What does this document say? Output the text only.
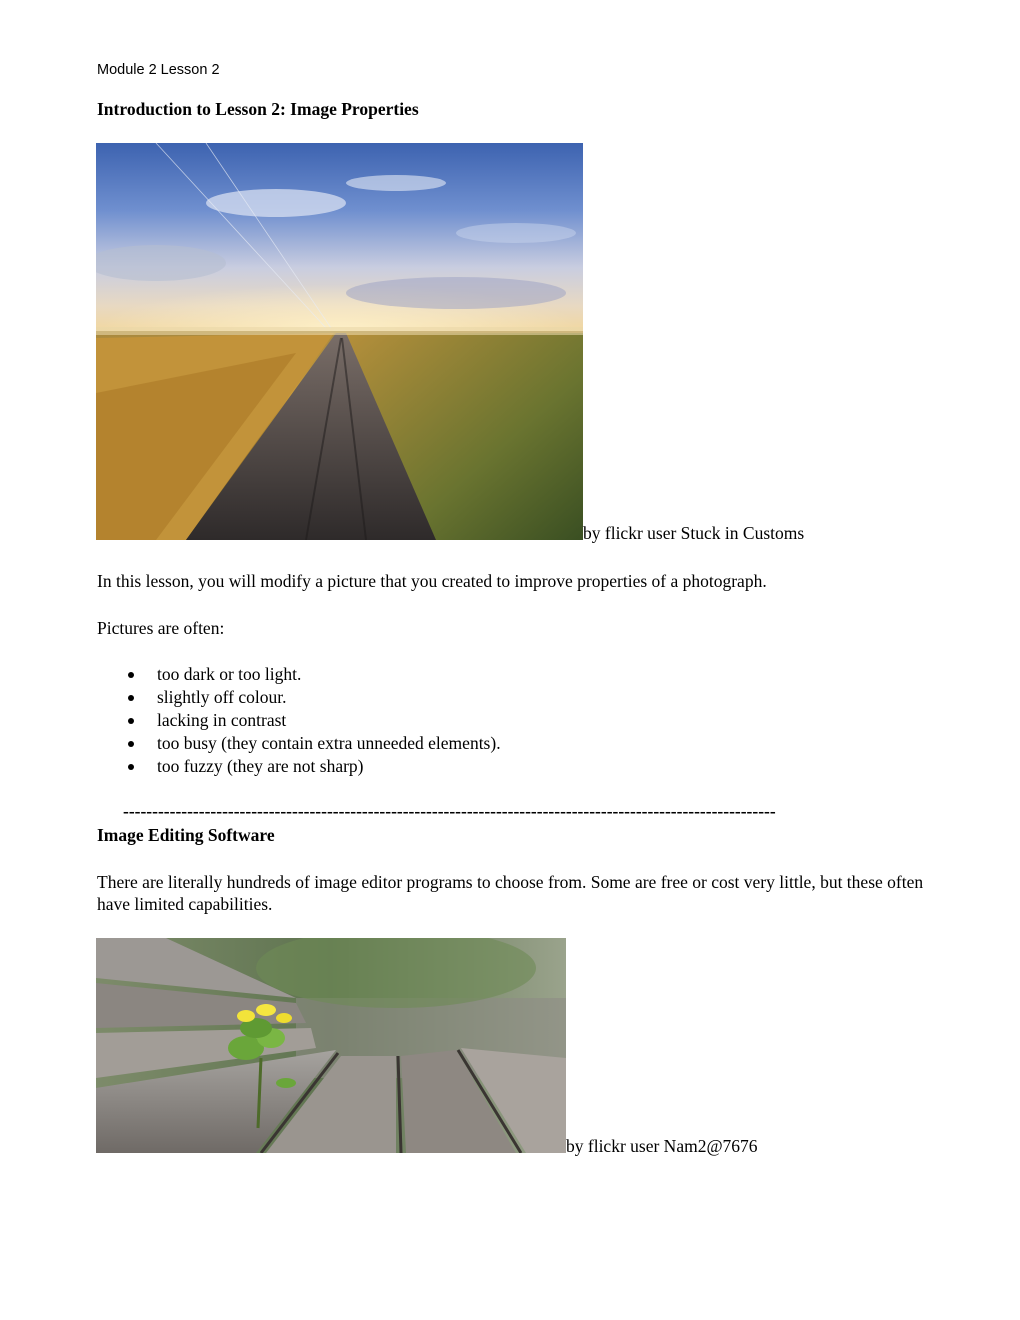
Module 2 Lesson 2
Introduction to Lesson 2: Image Properties
by flickr user Stuck in Customs
In this lesson, you will modify a picture that you created to improve properties of a photograph.
Pictures are often:
too dark or too light.
slightly off colour.
lacking in contrast
too busy (they contain extra unneeded elements).
too fuzzy (they are not sharp)
----------------------------------------------------------------------------------------------------------------
Image Editing Software
There are literally hundreds of image editor programs to choose from. Some are free or cost very little, but these often have limited capabilities.
by flickr user Nam2@7676
